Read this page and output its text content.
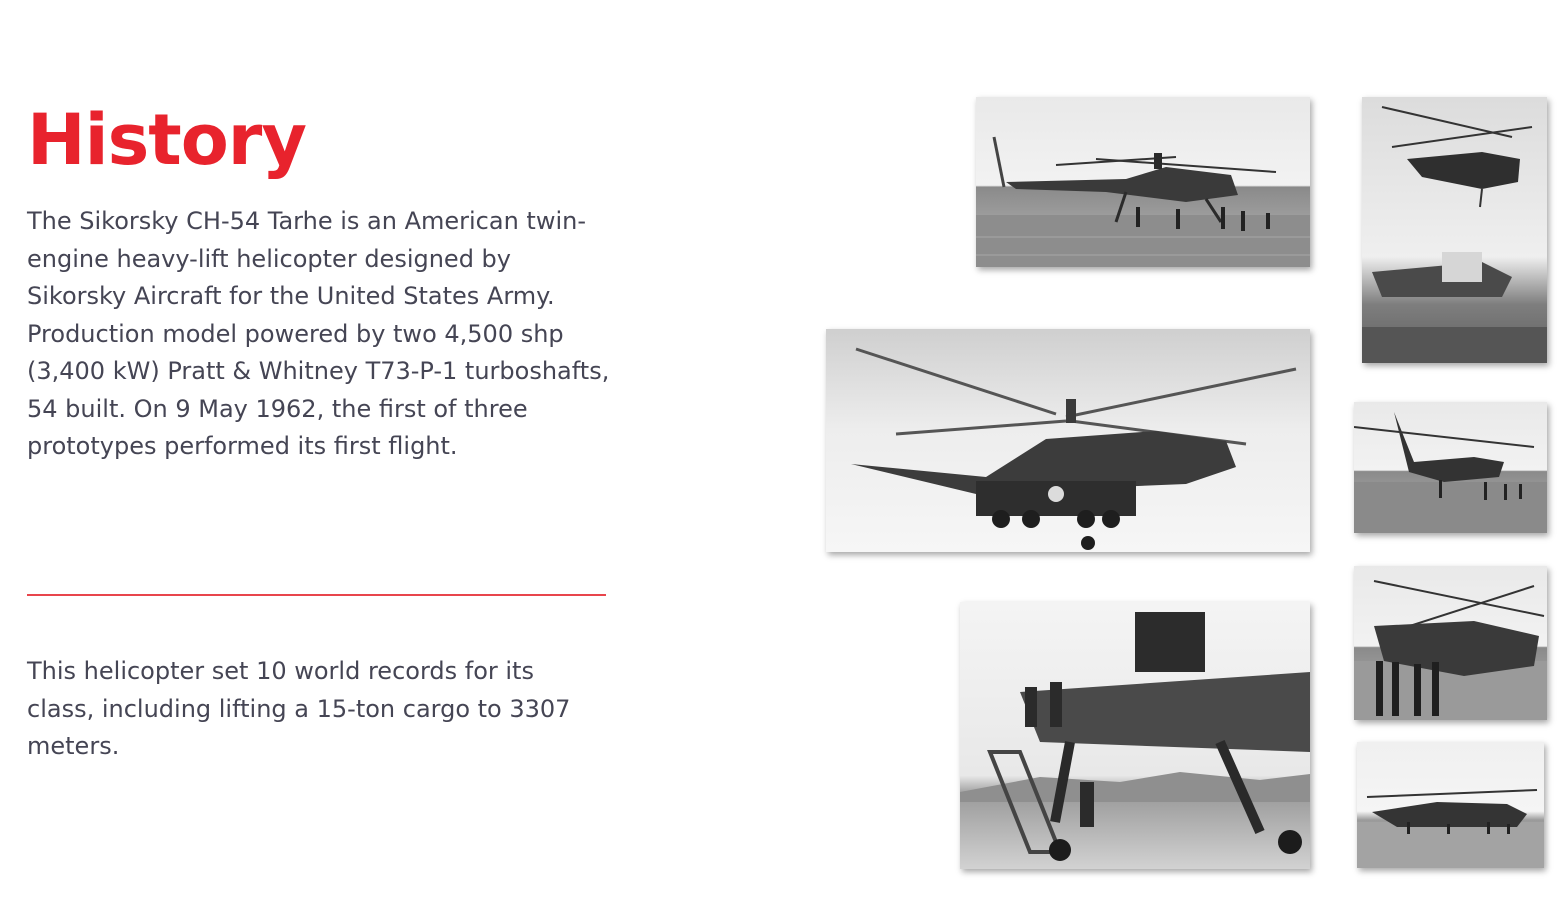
History

The Sikorsky CH-54 Tarhe is an American twin-engine heavy-lift helicopter designed by Sikorsky Aircraft for the United States Army. Production model powered by two 4,500 shp (3,400 kW) Pratt & Whitney T73-P-1 turboshafts, 54 built. On 9 May 1962, the first of three prototypes performed its first flight.

This helicopter set 10 world records for its class, including lifting a 15-ton cargo to 3307 meters.
